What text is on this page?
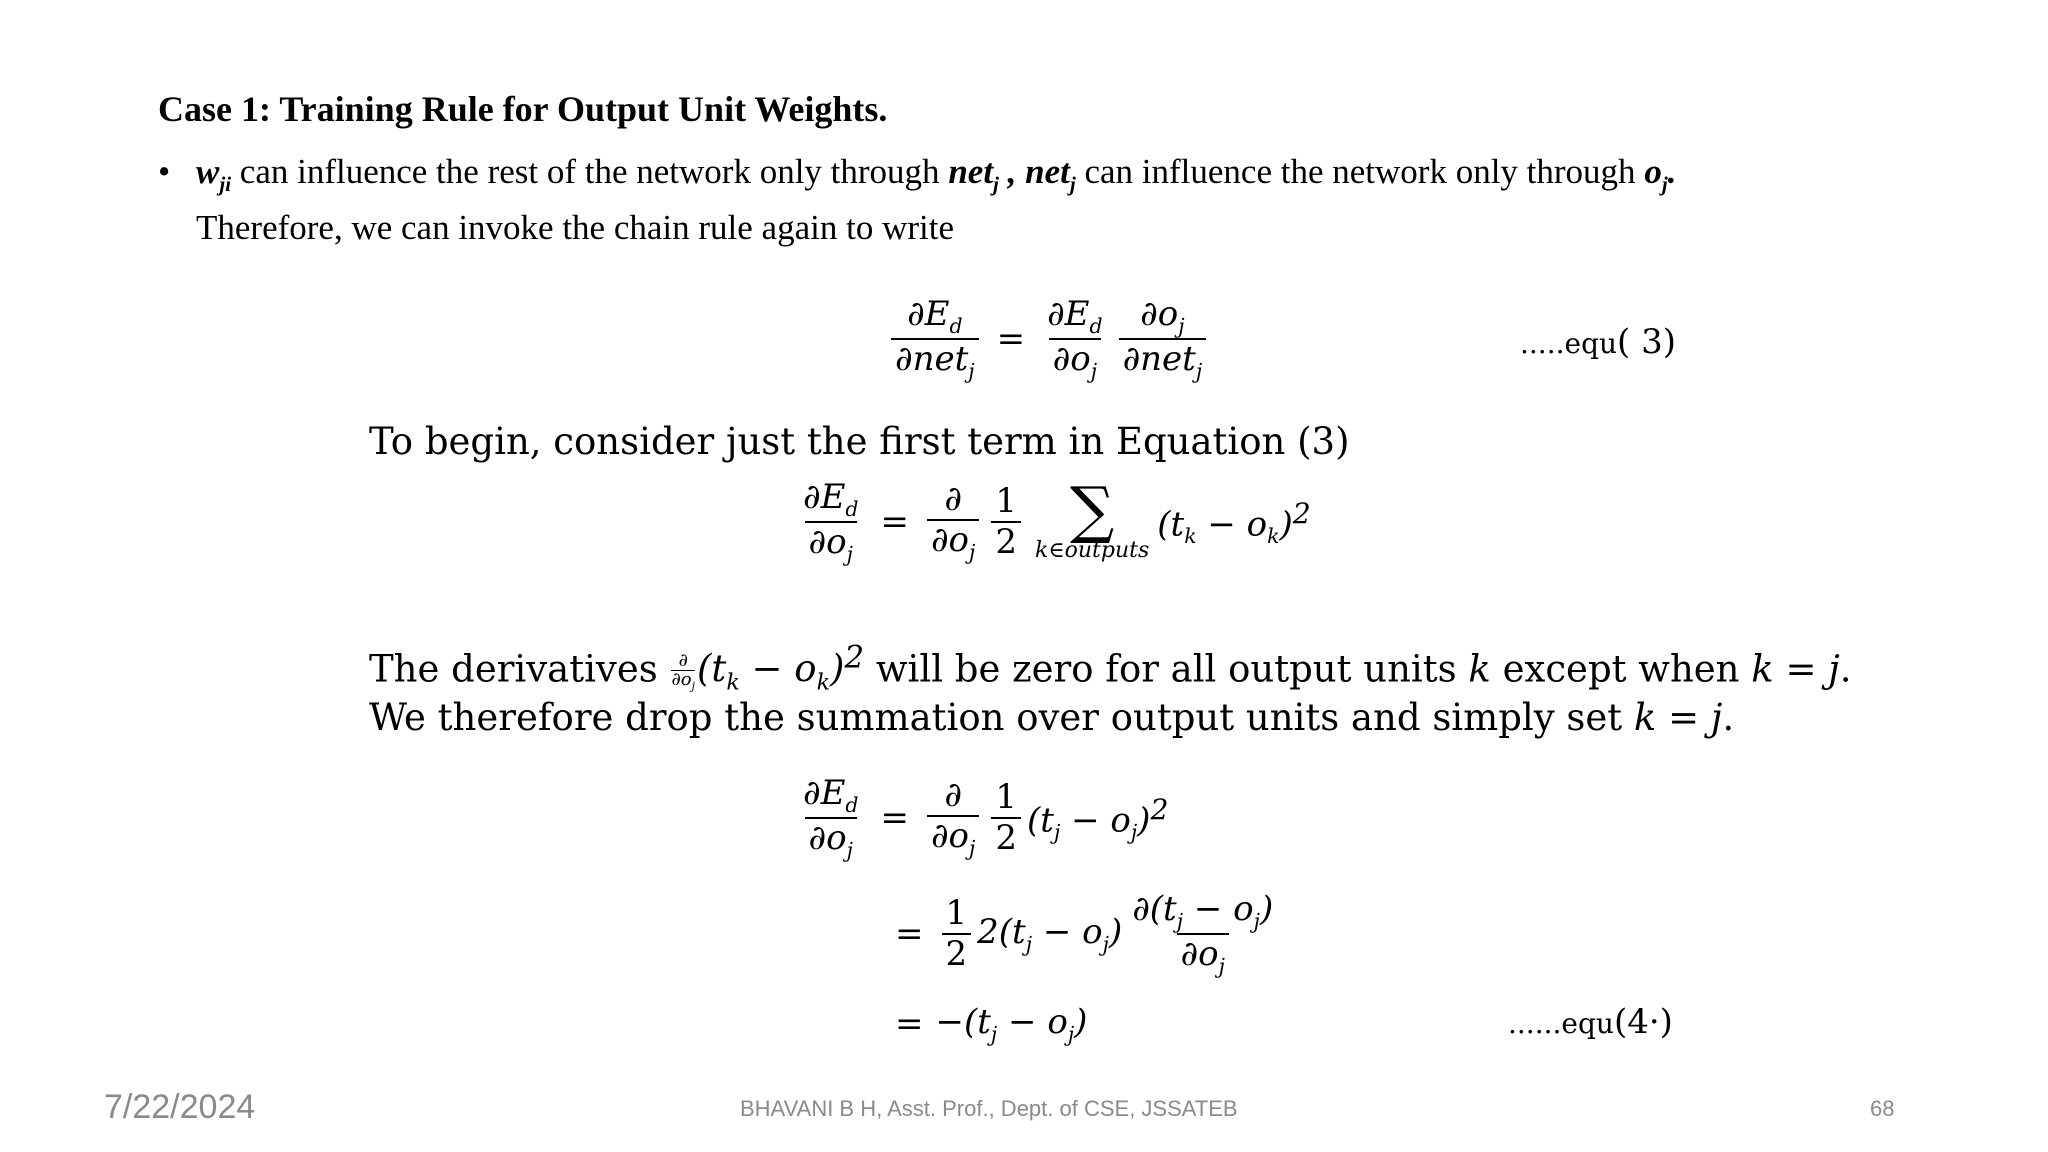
Case 1: Training Rule for Output Unit Weights.
• $w_{ji}$ can influence the rest of the network only through net$_j$ , net$_j$ can influence the network only through $o_j$.
Therefore, we can invoke the chain rule again to write
$\frac{\partial E_d}{\partial net_j} = \frac{\partial E_d}{\partial o_j} \frac{\partial o_j}{\partial net_j}$	.....equ( 3)
To begin, consider just the first term in Equation (3)
$\frac{\partial E_d}{\partial o_j} = \frac{\partial}{\partial o_j} \frac{1}{2}$ ∑
k∈outputs
$(t_k - o_k)^2$
The derivatives ∂
$\partial o_j$ $(t_k - o_k)^2$ will be zero for all output units k except when k = j.
We therefore drop the summation over output units and simply set k = j.
$\frac{\partial E_d}{\partial o_j} = \frac{\partial}{\partial o_j} \frac{1}{2} (t_j - o_j)^2$
= $\frac{1}{2} 2(t_j - o_j) \frac{\partial(t_j - o_j)}{\partial o_j}$
= $-(t_j - o_j)$	......equ(4·)
7/22/2024	BHAVANI B H, Asst. Prof., Dept. of CSE, JSSATEB	68
